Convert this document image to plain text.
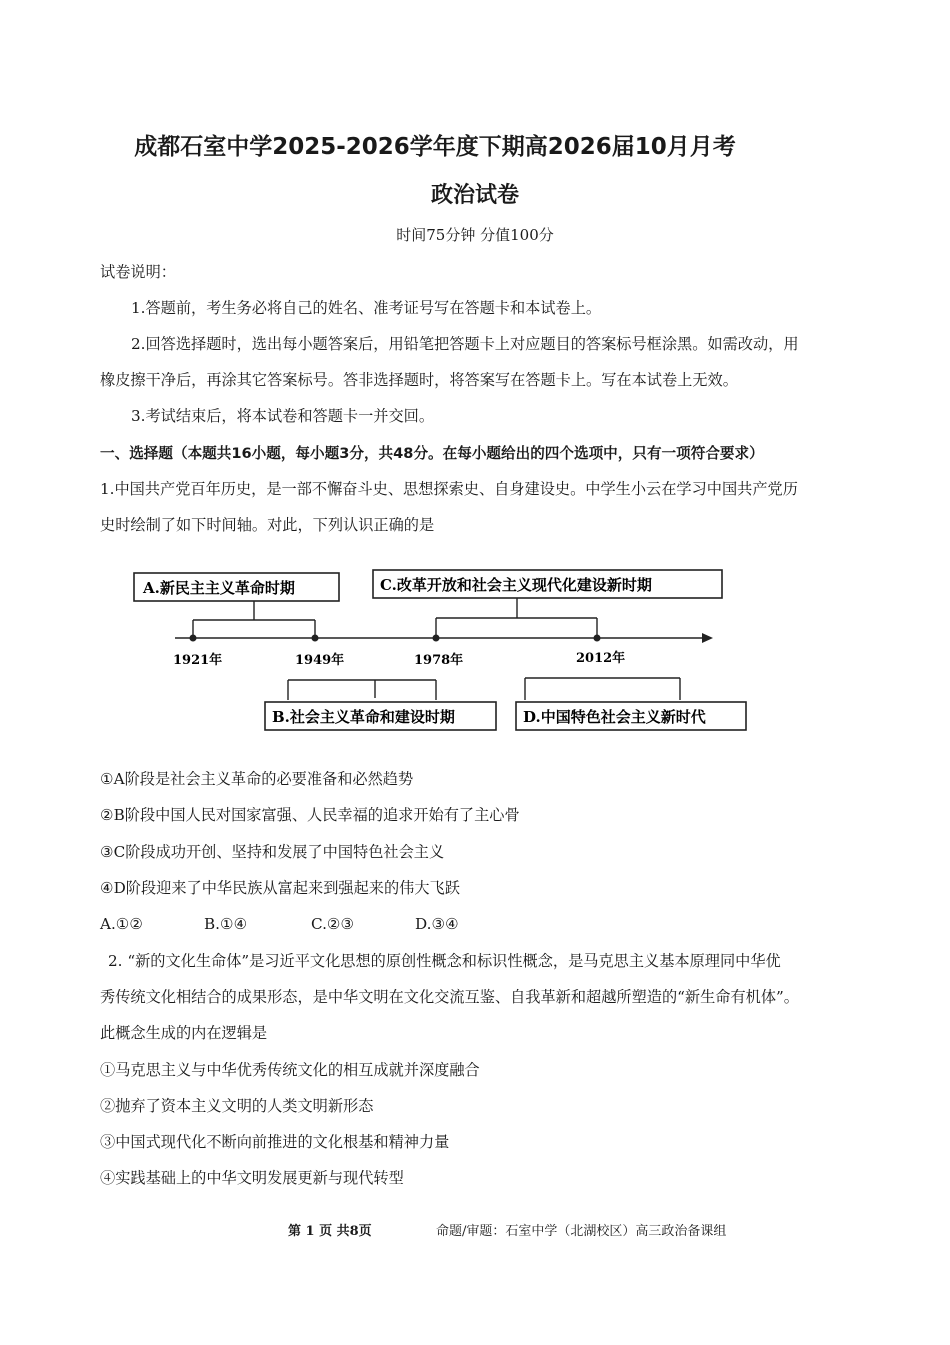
成都石室中学2025-2026学年度下期高2026届10月月考
政治试卷
时间75分钟 分值100分
试卷说明：
1.答题前，考生务必将自己的姓名、准考证号写在答题卡和本试卷上。
2.回答选择题时，选出每小题答案后，用铅笔把答题卡上对应题目的答案标号框涂黑。如需改动，用
橡皮擦干净后，再涂其它答案标号。答非选择题时，将答案写在答题卡上。写在本试卷上无效。
3.考试结束后，将本试卷和答题卡一并交回。
一、选择题（本题共16小题，每小题3分，共48分。在每小题给出的四个选项中，只有一项符合要求）
1.中国共产党百年历史，是一部不懈奋斗史、思想探索史、自身建设史。中学生小云在学习中国共产党历
史时绘制了如下时间轴。对此，下列认识正确的是
A.新民主主义革命时期	C.改革开放和社会主义现代化建设新时期
1921年	1949年	1978年	2012年
B.社会主义革命和建设时期	D.中国特色社会主义新时代
①A阶段是社会主义革命的必要准备和必然趋势
②B阶段中国人民对国家富强、人民幸福的追求开始有了主心骨
③C阶段成功开创、坚持和发展了中国特色社会主义
④D阶段迎来了中华民族从富起来到强起来的伟大飞跃
A.①②	B.①④	C.②③	D.③④
2. “新的文化生命体”是习近平文化思想的原创性概念和标识性概念，是马克思主义基本原理同中华优
秀传统文化相结合的成果形态，是中华文明在文化交流互鉴、自我革新和超越所塑造的“新生命有机体”。
此概念生成的内在逻辑是
①马克思主义与中华优秀传统文化的相互成就并深度融合
②抛弃了资本主义文明的人类文明新形态
③中国式现代化不断向前推进的文化根基和精神力量
④实践基础上的中华文明发展更新与现代转型
第 1 页 共8页	命题/审题：石室中学（北湖校区）高三政治备课组
